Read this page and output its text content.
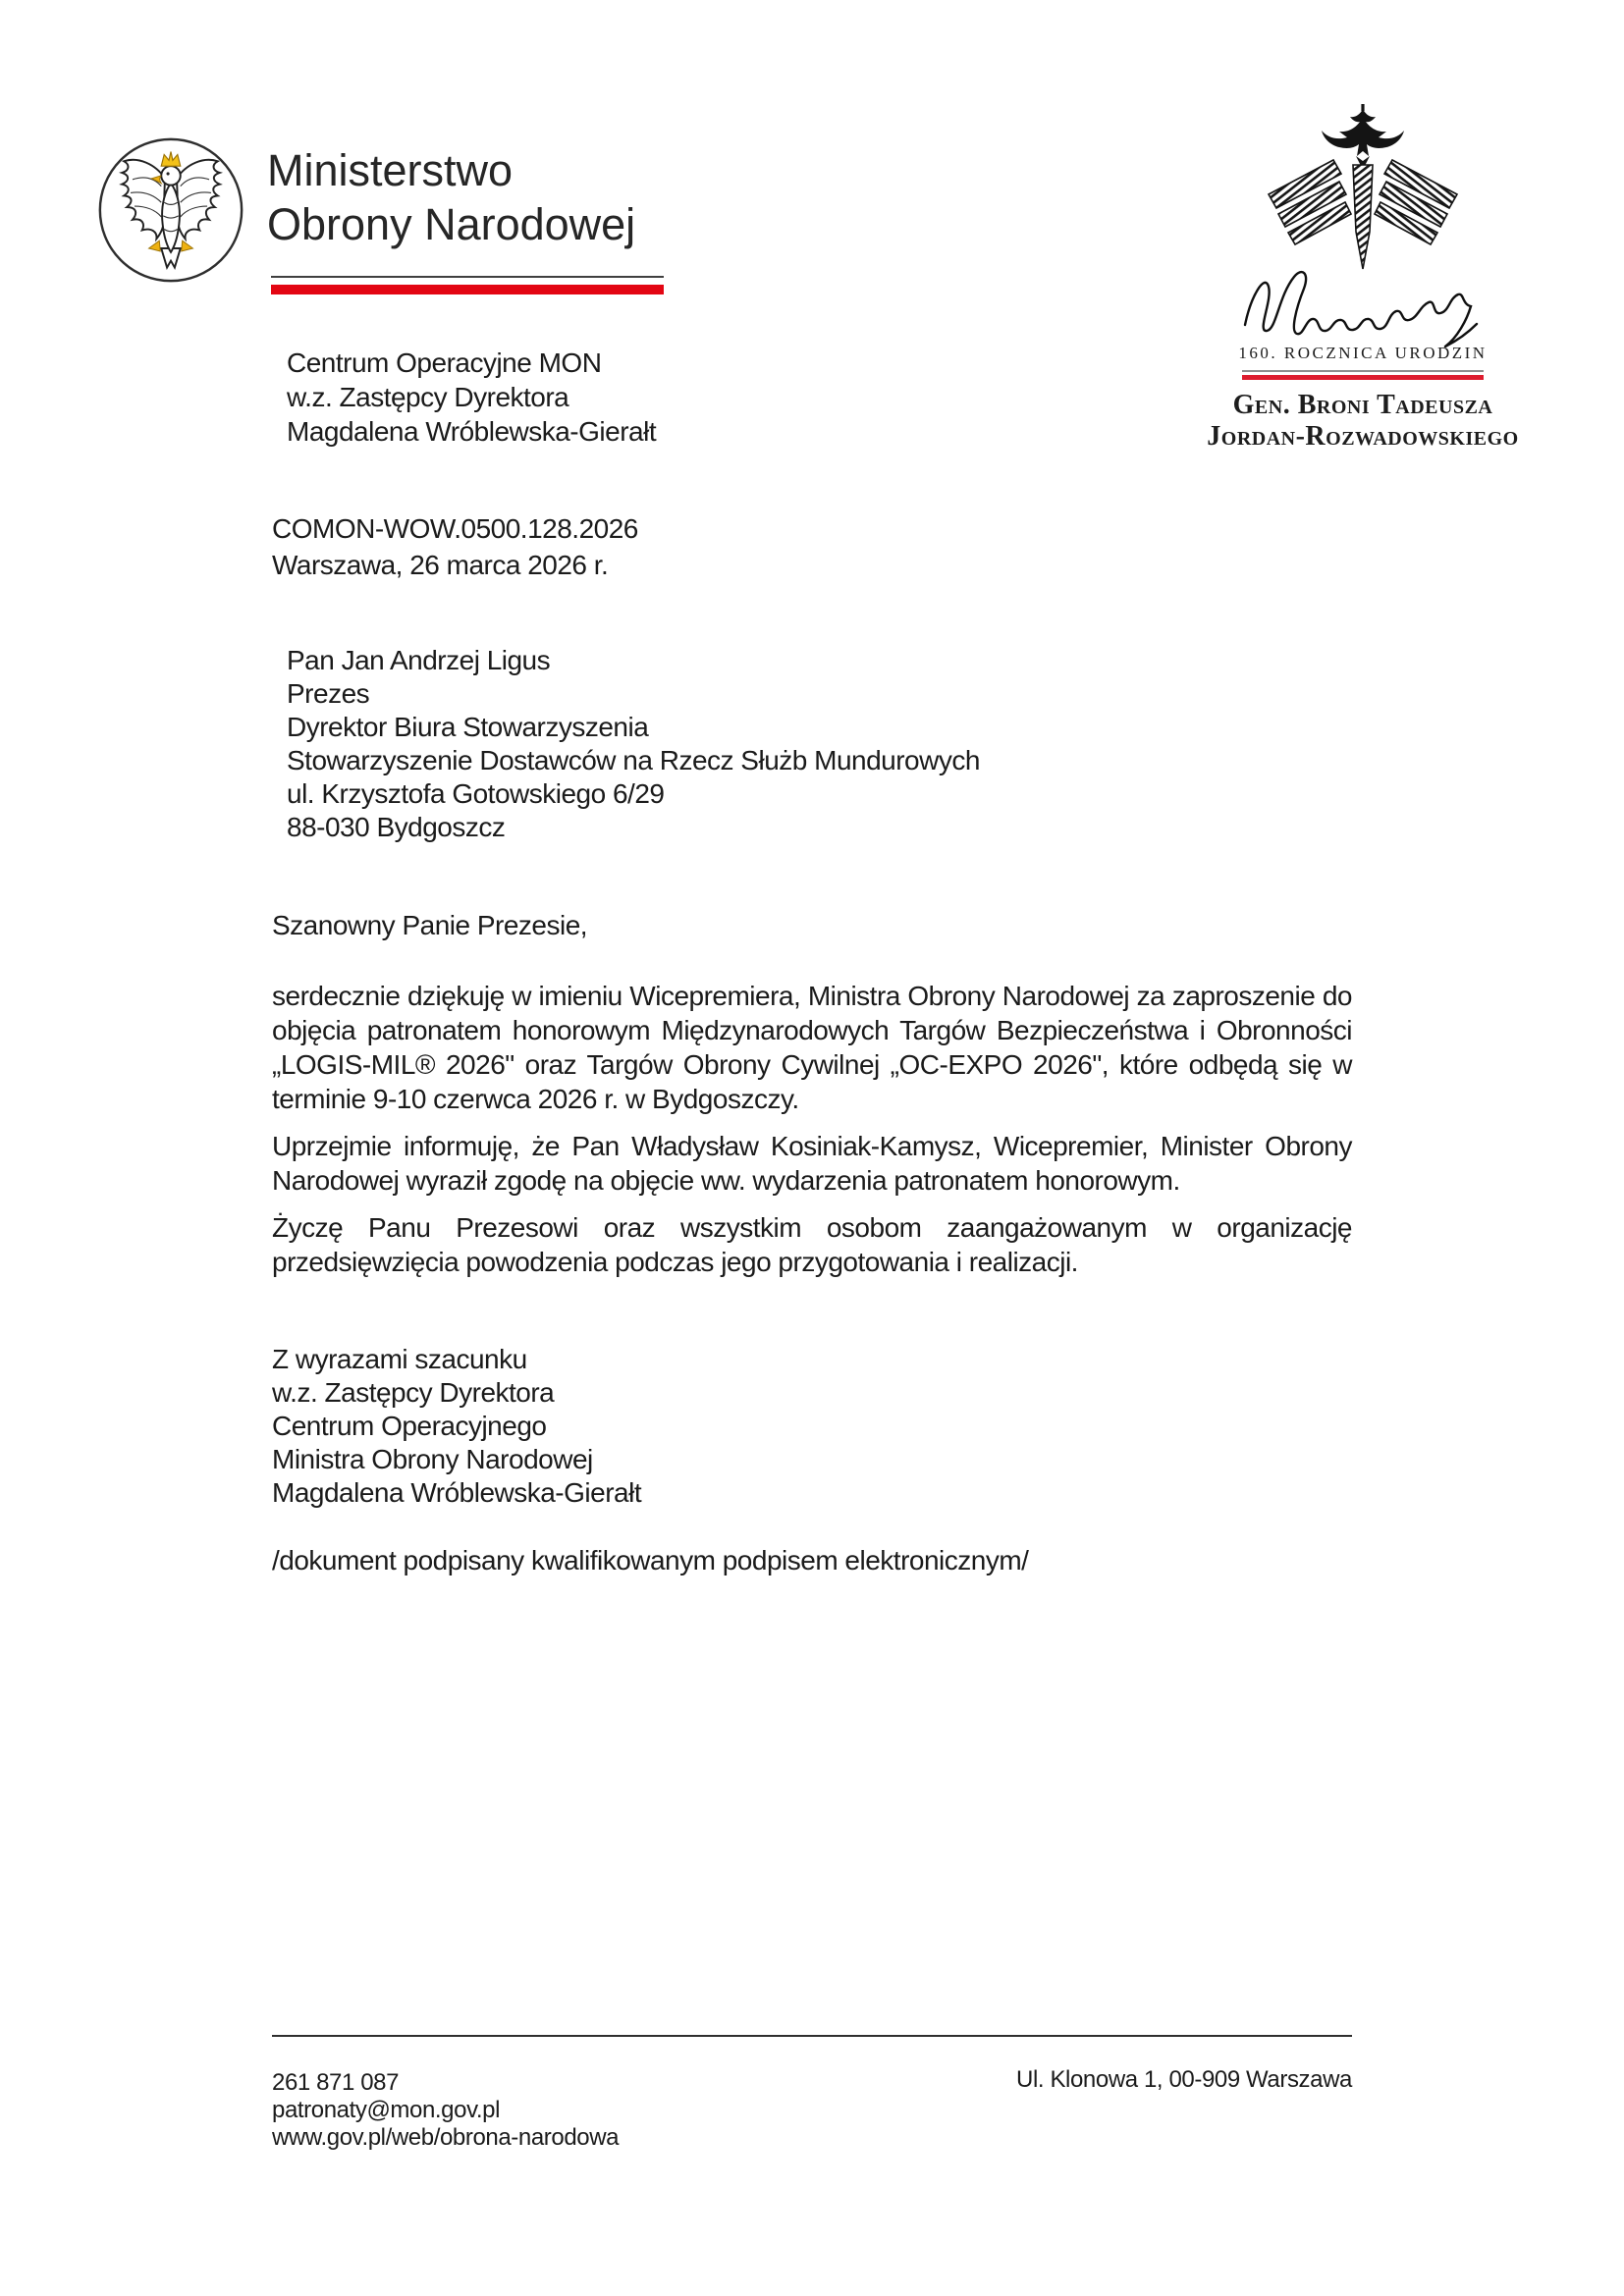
Ministerstwo
Obrony Narodowej
160. ROCZNICA URODZIN
Gen. Broni Tadeusza
Jordan-Rozwadowskiego
Centrum Operacyjne MON
w.z. Zastępcy Dyrektora
Magdalena Wróblewska-Gierałt
COMON-WOW.0500.128.2026
Warszawa, 26 marca 2026 r.
Pan Jan Andrzej Ligus
Prezes
Dyrektor Biura Stowarzyszenia
Stowarzyszenie Dostawców na Rzecz Służb Mundurowych
ul. Krzysztofa Gotowskiego 6/29
88-030 Bydgoszcz
Szanowny Panie Prezesie,

serdecznie dziękuję w imieniu Wicepremiera, Ministra Obrony Narodowej za zaproszenie do objęcia patronatem honorowym Międzynarodowych Targów Bezpieczeństwa i Obronności „LOGIS-MIL® 2026" oraz Targów Obrony Cywilnej „OC-EXPO 2026", które odbędą się w terminie 9-10 czerwca 2026 r. w Bydgoszczy.

Uprzejmie informuję, że Pan Władysław Kosiniak-Kamysz, Wicepremier, Minister Obrony Narodowej wyraził zgodę na objęcie ww. wydarzenia patronatem honorowym.

Życzę Panu Prezesowi oraz wszystkim osobom zaangażowanym w organizację przedsięwzięcia powodzenia podczas jego przygotowania i realizacji.

Z wyrazami szacunku
w.z. Zastępcy Dyrektora
Centrum Operacyjnego
Ministra Obrony Narodowej
Magdalena Wróblewska-Gierałt
/dokument podpisany kwalifikowanym podpisem elektronicznym/
261 871 087
patronaty@mon.gov.pl
www.gov.pl/web/obrona-narodowa
Ul. Klonowa 1, 00-909 Warszawa
